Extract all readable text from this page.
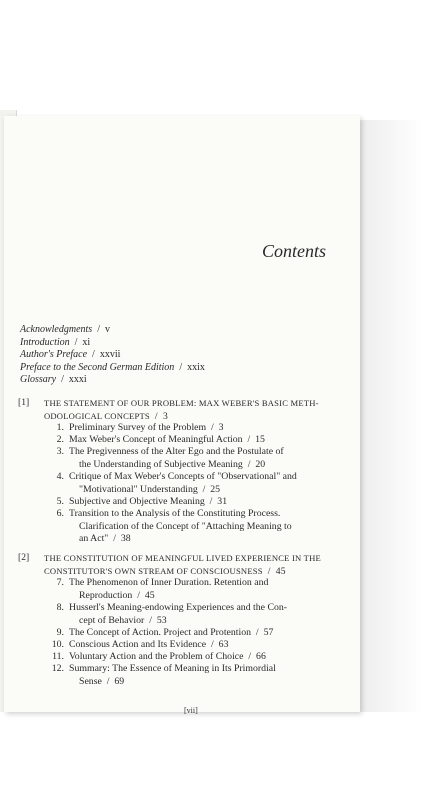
Contents
Acknowledgments  /  v
Introduction  /  xi
Author's Preface  /  xxvii
Preface to the Second German Edition  /  xxix
Glossary  /  xxxi
[1] THE STATEMENT OF OUR PROBLEM: MAX WEBER'S BASIC METH-
ODOLOGICAL CONCEPTS  /  3
1. Preliminary Survey of the Problem  /  3
2. Max Weber's Concept of Meaningful Action  /  15
3. The Pregivenness of the Alter Ego and the Postulate of
the Understanding of Subjective Meaning  /  20
4. Critique of Max Weber's Concepts of "Observational" and
"Motivational" Understanding  /  25
5. Subjective and Objective Meaning  /  31
6. Transition to the Analysis of the Constituting Process.
Clarification of the Concept of "Attaching Meaning to
an Act"  /  38
[2] THE CONSTITUTION OF MEANINGFUL LIVED EXPERIENCE IN THE
CONSTITUTOR'S OWN STREAM OF CONSCIOUSNESS  /  45
7. The Phenomenon of Inner Duration. Retention and
Reproduction  /  45
8. Husserl's Meaning-endowing Experiences and the Con-
cept of Behavior  /  53
9. The Concept of Action. Project and Protention  /  57
10. Conscious Action and Its Evidence  /  63
11. Voluntary Action and the Problem of Choice  /  66
12. Summary: The Essence of Meaning in Its Primordial
Sense  /  69
[vii]
